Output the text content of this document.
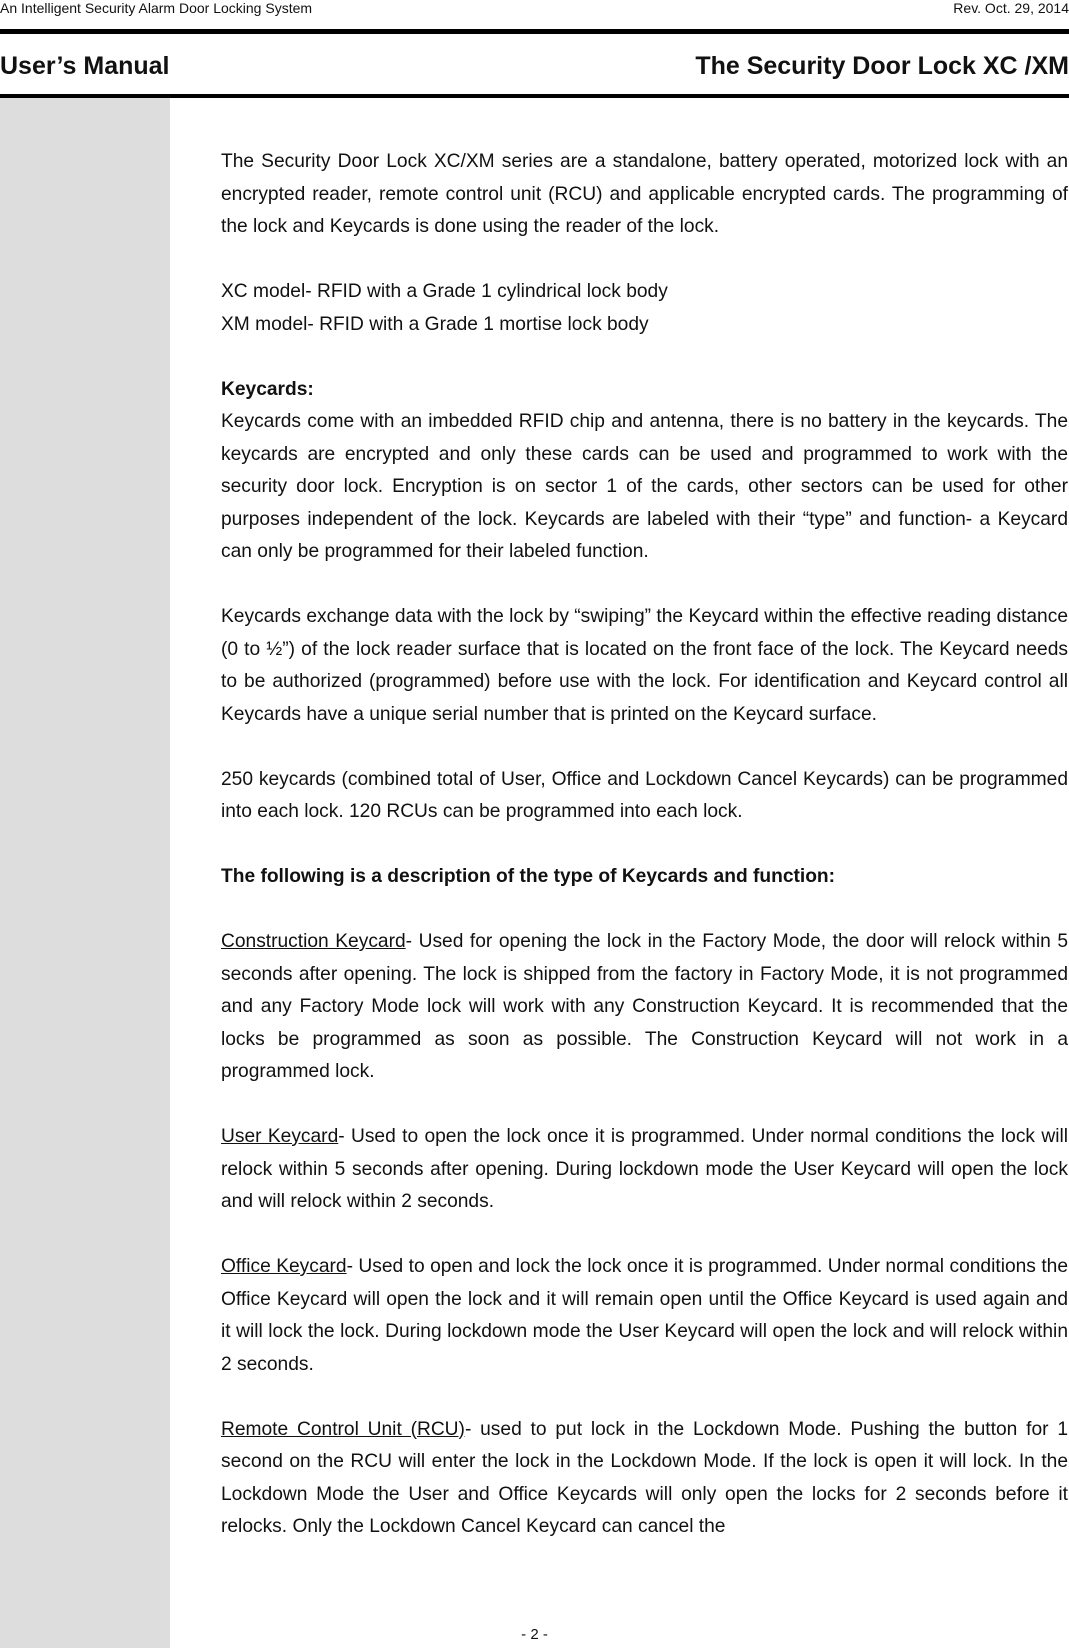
An Intelligent Security Alarm Door Locking System	Rev. Oct. 29, 2014
User’s Manual	The Security Door Lock XC /XM

The Security Door Lock XC/XM series are a standalone, battery operated, motorized lock with an encrypted reader, remote control unit (RCU) and applicable encrypted cards. The programming of the lock and Keycards is done using the reader of the lock.

XC model- RFID with a Grade 1 cylindrical lock body

XM model- RFID with a Grade 1 mortise lock body

Keycards:

Keycards come with an imbedded RFID chip and antenna, there is no battery in the keycards. The keycards are encrypted and only these cards can be used and programmed to work with the security door lock. Encryption is on sector 1 of the cards, other sectors can be used for other purposes independent of the lock. Keycards are labeled with their “type” and function- a Keycard can only be programmed for their labeled function.

Keycards exchange data with the lock by “swiping” the Keycard within the effective reading distance (0 to ½”) of the lock reader surface that is located on the front face of the lock. The Keycard needs to be authorized (programmed) before use with the lock. For identification and Keycard control all Keycards have a unique serial number that is printed on the Keycard surface.

250 keycards (combined total of User, Office and Lockdown Cancel Keycards) can be programmed into each lock. 120 RCUs can be programmed into each lock.

The following is a description of the type of Keycards and function:

Construction Keycard- Used for opening the lock in the Factory Mode, the door will relock within 5 seconds after opening. The lock is shipped from the factory in Factory Mode, it is not programmed and any Factory Mode lock will work with any Construction Keycard. It is recommended that the locks be programmed as soon as possible. The Construction Keycard will not work in a programmed lock.

User Keycard- Used to open the lock once it is programmed. Under normal conditions the lock will relock within 5 seconds after opening. During lockdown mode the User Keycard will open the lock and will relock within 2 seconds.

Office Keycard- Used to open and lock the lock once it is programmed. Under normal conditions the Office Keycard will open the lock and it will remain open until the Office Keycard is used again and it will lock the lock. During lockdown mode the User Keycard will open the lock and will relock within 2 seconds.

Remote Control Unit (RCU)- used to put lock in the Lockdown Mode. Pushing the button for 1 second on the RCU will enter the lock in the Lockdown Mode. If the lock is open it will lock. In the Lockdown Mode the User and Office Keycards will only open the locks for 2 seconds before it relocks. Only the Lockdown Cancel Keycard can cancel the

- 2 -
